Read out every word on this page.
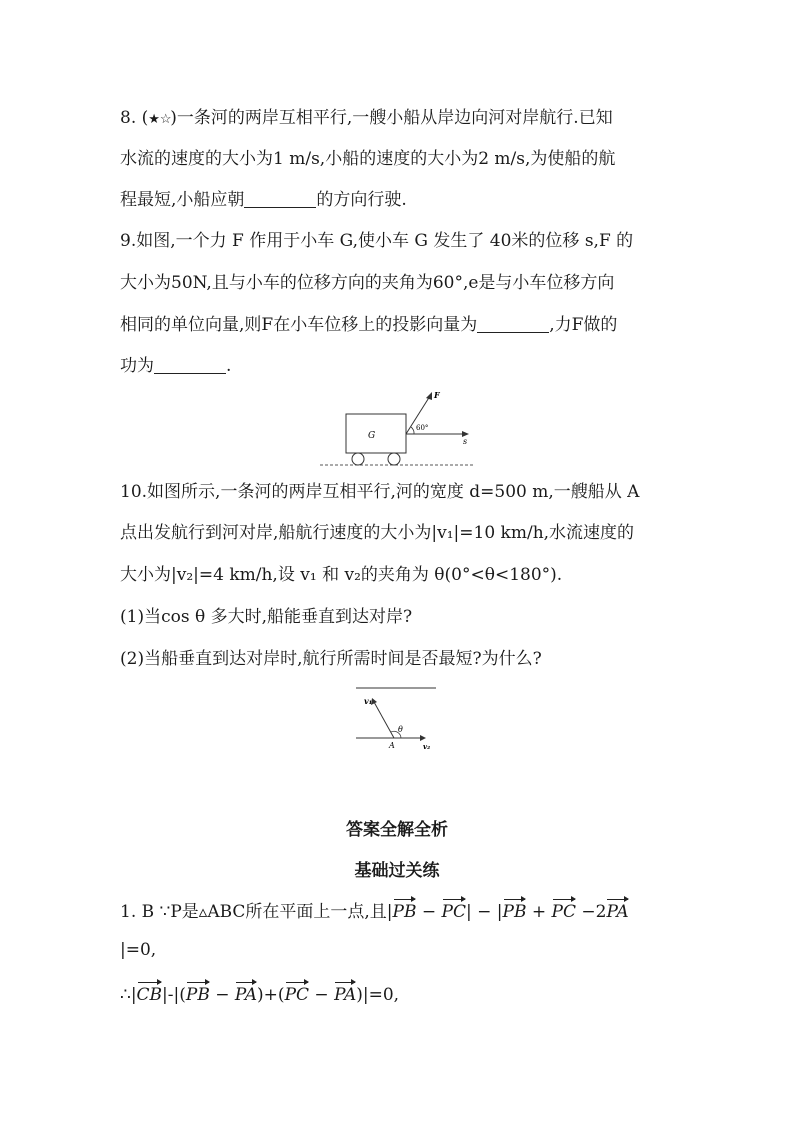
8. (★☆)一条河的两岸互相平行,一艘小船从岸边向河对岸航行.已知
水流的速度的大小为1 m/s,小船的速度的大小为2 m/s,为使船的航
程最短,小船应朝	的方向行驶.
9.如图,一个力 F 作用于小车 G,使小车 G 发生了 40米的位移 s,F 的
大小为50N,且与小车的位移方向的夹角为60°,e是与小车位移方向
相同的单位向量,则F在小车位移上的投影向量为	,力F做的
功为	.
G
s
F
60°
10.如图所示,一条河的两岸互相平行,河的宽度 d=500 m,一艘船从 A
点出发航行到河对岸,船航行速度的大小为|v₁|=10 km/h,水流速度的
大小为|v₂|=4 km/h,设 v₁ 和 v₂的夹角为 θ(0°<θ<180°).
(1)当cos θ 多大时,船能垂直到达对岸?
(2)当船垂直到达对岸时,航行所需时间是否最短?为什么?
v₁
θ
A	v₂
答案全解全析
基础过关练
1. B ∵P是▵ABC所在平面上一点,且|PB − PC| − |PB + PC −2PA
|=0,
∴|CB|-|(PB − PA)+(PC − PA)|=0,
